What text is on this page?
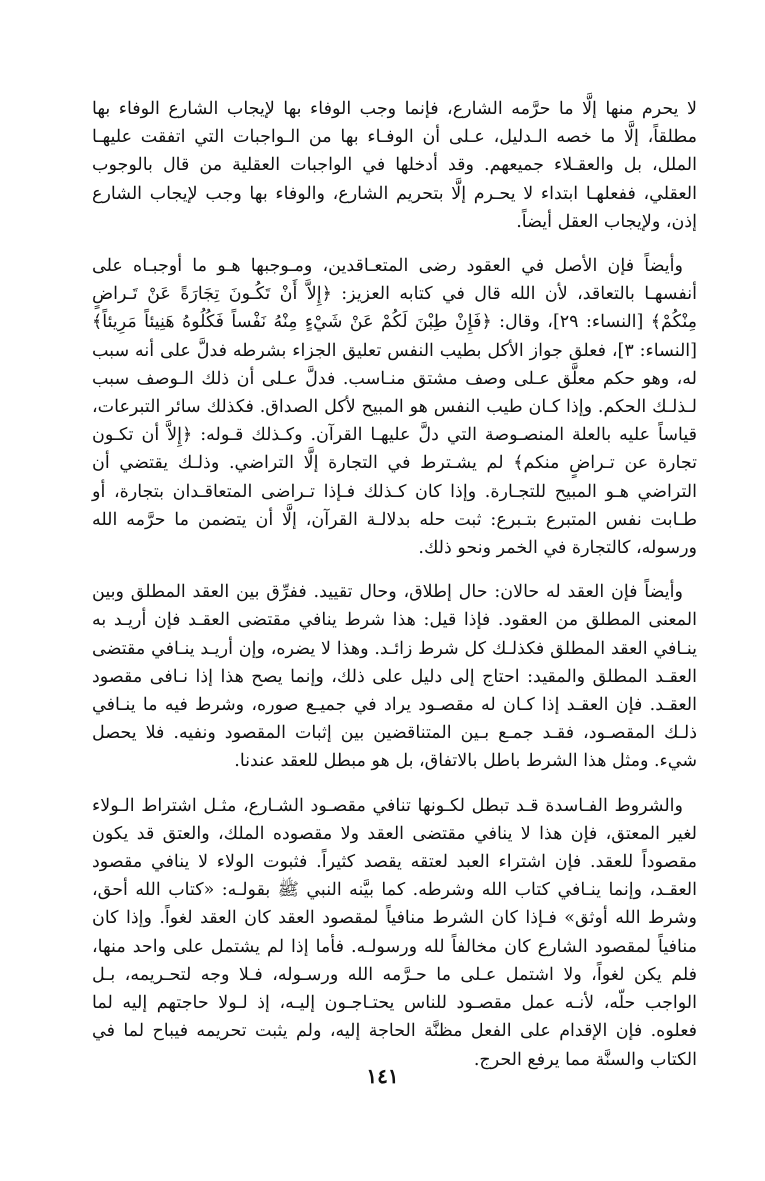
لا يحرم منها إلَّا ما حرَّمه الشارع، فإنما وجب الوفاء بها لإيجاب الشارع الوفاء بها مطلقاً، إلَّا ما خصه الـدليل، عـلى أن الوفـاء بها من الـواجبات التي اتفقت عليهـا الملل، بل والعقـلاء جميعهم. وقد أدخلها في الواجبات العقلية من قال بالوجوب العقلي، ففعلهـا ابتداء لا يحـرم إلَّا بتحريم الشارع، والوفاء بها وجب لإيجاب الشارع إذن، ولإيجاب العقل أيضاً.

وأيضاً فإن الأصل في العقود رضى المتعـاقدين، ومـوجبها هـو ما أوجبـاه على أنفسهـا بالتعاقد، لأن الله قال في كتابه العزيز: ﴿إِلاَّ أَنْ تَكُـونَ تِجَارَةً عَنْ تَـراضٍ مِنْكُمْ﴾ [النساء: ٢٩]، وقال: ﴿فَإِنْ طِبْنَ لَكُمْ عَنْ شَيْءٍ مِنْهُ نَفْساً فَكُلُوهُ هَنِيئاً مَرِيئاً﴾ [النساء: ٣]، فعلق جواز الأكل بطيب النفس تعليق الجزاء بشرطه فدلَّ على أنه سبب له، وهو حكم معلَّق عـلى وصف مشتق منـاسب. فدلَّ عـلى أن ذلك الـوصف سبب لـذلـك الحكم. وإذا كـان طيب النفس هو المبيح لأكل الصداق. فكذلك سائر التبرعات، قياساً عليه بالعلة المنصـوصة التي دلَّ عليهـا القرآن. وكـذلك قـوله: ﴿إِلاَّ أن تكـون تجارة عن تـراضٍ منكم﴾ لم يشـترط في التجارة إلَّا التراضي. وذلـك يقتضي أن التراضي هـو المبيح للتجـارة. وإذا كان كـذلك فـإذا تـراضى المتعاقـدان بتجارة، أو طـابت نفس المتبرع بتـبرع: ثبت حله بدلالـة القرآن، إلَّا أن يتضمن ما حرَّمه الله ورسوله، كالتجارة في الخمر ونحو ذلك.

وأيضاً فإن العقد له حالان: حال إطلاق، وحال تقييد. ففرِّق بين العقد المطلق وبين المعنى المطلق من العقود. فإذا قيل: هذا شرط ينافي مقتضى العقـد فإن أريـد به ينـافي العقد المطلق فكذلـك كل شرط زائـد. وهذا لا يضره، وإن أريـد ينـافي مقتضى العقـد المطلق والمقيد: احتاج إلى دليل على ذلك، وإنما يصح هذا إذا نـافى مقصود العقـد. فإن العقـد إذا كـان له مقصـود يراد في جميـع صوره، وشرط فيه ما ينـافي ذلـك المقصـود، فقـد جمـع بـين المتناقضين بين إثبات المقصود ونفيه. فلا يحصل شيء. ومثل هذا الشرط باطل بالاتفاق، بل هو مبطل للعقد عندنا.

والشروط الفـاسدة قـد تبطل لكـونها تنافي مقصـود الشـارع، مثـل اشتراط الـولاء لغير المعتق، فإن هذا لا ينافي مقتضى العقد ولا مقصوده الملك، والعتق قد يكون مقصوداً للعقد. فإن اشتراء العبد لعتقه يقصد كثيراً. فثبوت الولاء لا ينافي مقصود العقـد، وإنما ينـافي كتاب الله وشرطه. كما بيَّنه النبي ﷺ بقولـه: «كتاب الله أحق، وشرط الله أوثق» فـإذا كان الشرط منافياً لمقصود العقد كان العقد لغواً. وإذا كان منافياً لمقصود الشارع كان مخالفاً لله ورسولـه. فأما إذا لم يشتمل على واحد منها، فلم يكن لغواً، ولا اشتمل عـلى ما حـرَّمه الله ورسـوله، فـلا وجه لتحـريمه، بـل الواجب حلّه، لأنـه عمل مقصـود للناس يحتـاجـون إليـه، إذ لـولا حاجتهم إليه لما فعلوه. فإن الإقدام على الفعل مظنَّة الحاجة إليه، ولم يثبت تحريمه فيباح لما في الكتاب والسنَّة مما يرفع الحرج.

١٤١
